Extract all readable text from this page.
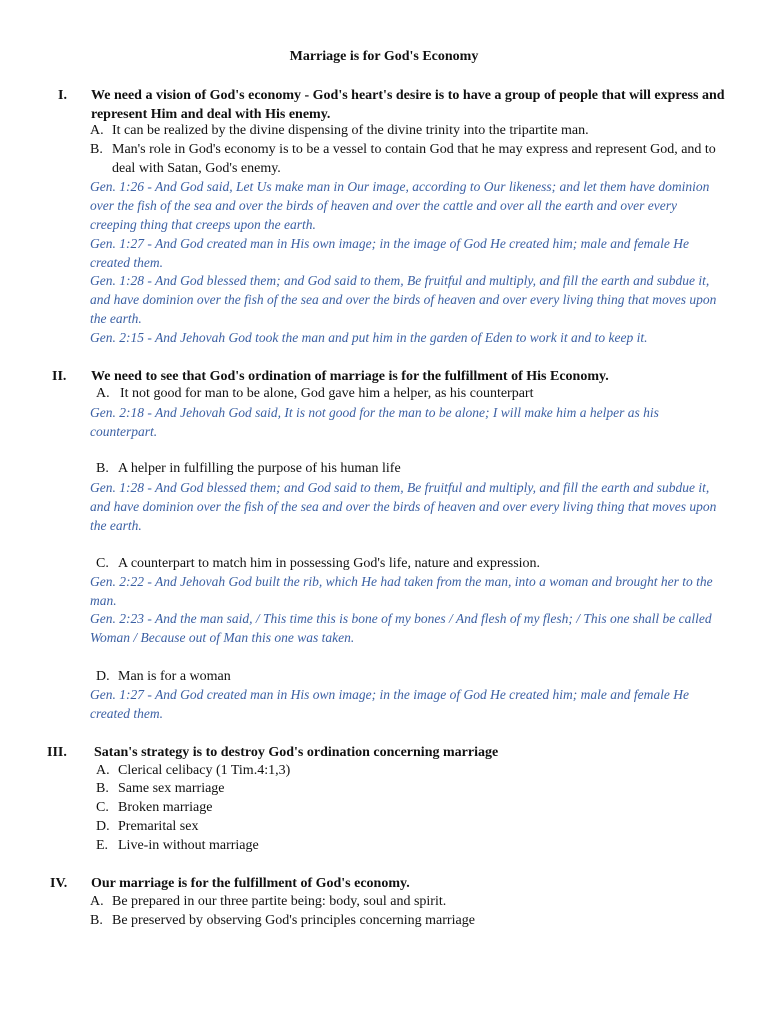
Marriage is for God's Economy
I. We need a vision of God's economy - God's heart's desire is to have a group of people that will express and represent Him and deal with His enemy.
A. It can be realized by the divine dispensing of the divine trinity into the tripartite man.
B. Man's role in God's economy is to be a vessel to contain God that he may express and represent God, and to deal with Satan, God's enemy.
Gen. 1:26 - And God said, Let Us make man in Our image, according to Our likeness; and let them have dominion over the fish of the sea and over the birds of heaven and over the cattle and over all the earth and over every creeping thing that creeps upon the earth.
Gen. 1:27 - And God created man in His own image; in the image of God He created him; male and female He created them.
Gen. 1:28 - And God blessed them; and God said to them, Be fruitful and multiply, and fill the earth and subdue it, and have dominion over the fish of the sea and over the birds of heaven and over every living thing that moves upon the earth.
Gen. 2:15 - And Jehovah God took the man and put him in the garden of Eden to work it and to keep it.
II. We need to see that God's ordination of marriage is for the fulfillment of His Economy.
A. It not good for man to be alone, God gave him a helper, as his counterpart
Gen. 2:18 - And Jehovah God said, It is not good for the man to be alone; I will make him a helper as his counterpart.
B. A helper in fulfilling the purpose of his human life
Gen. 1:28 - And God blessed them; and God said to them, Be fruitful and multiply, and fill the earth and subdue it, and have dominion over the fish of the sea and over the birds of heaven and over every living thing that moves upon the earth.
C. A counterpart to match him in possessing God's life, nature and expression.
Gen. 2:22 - And Jehovah God built the rib, which He had taken from the man, into a woman and brought her to the man.
Gen. 2:23 - And the man said, / This time this is bone of my bones / And flesh of my flesh; / This one shall be called Woman / Because out of Man this one was taken.
D. Man is for a woman
Gen. 1:27 - And God created man in His own image; in the image of God He created him; male and female He created them.
III. Satan's strategy is to destroy God's ordination concerning marriage
A. Clerical celibacy (1 Tim.4:1,3)
B. Same sex marriage
C. Broken marriage
D. Premarital sex
E. Live-in without marriage
IV. Our marriage is for the fulfillment of God's economy.
A. Be prepared in our three partite being: body, soul and spirit.
B. Be preserved by observing God's principles concerning marriage
